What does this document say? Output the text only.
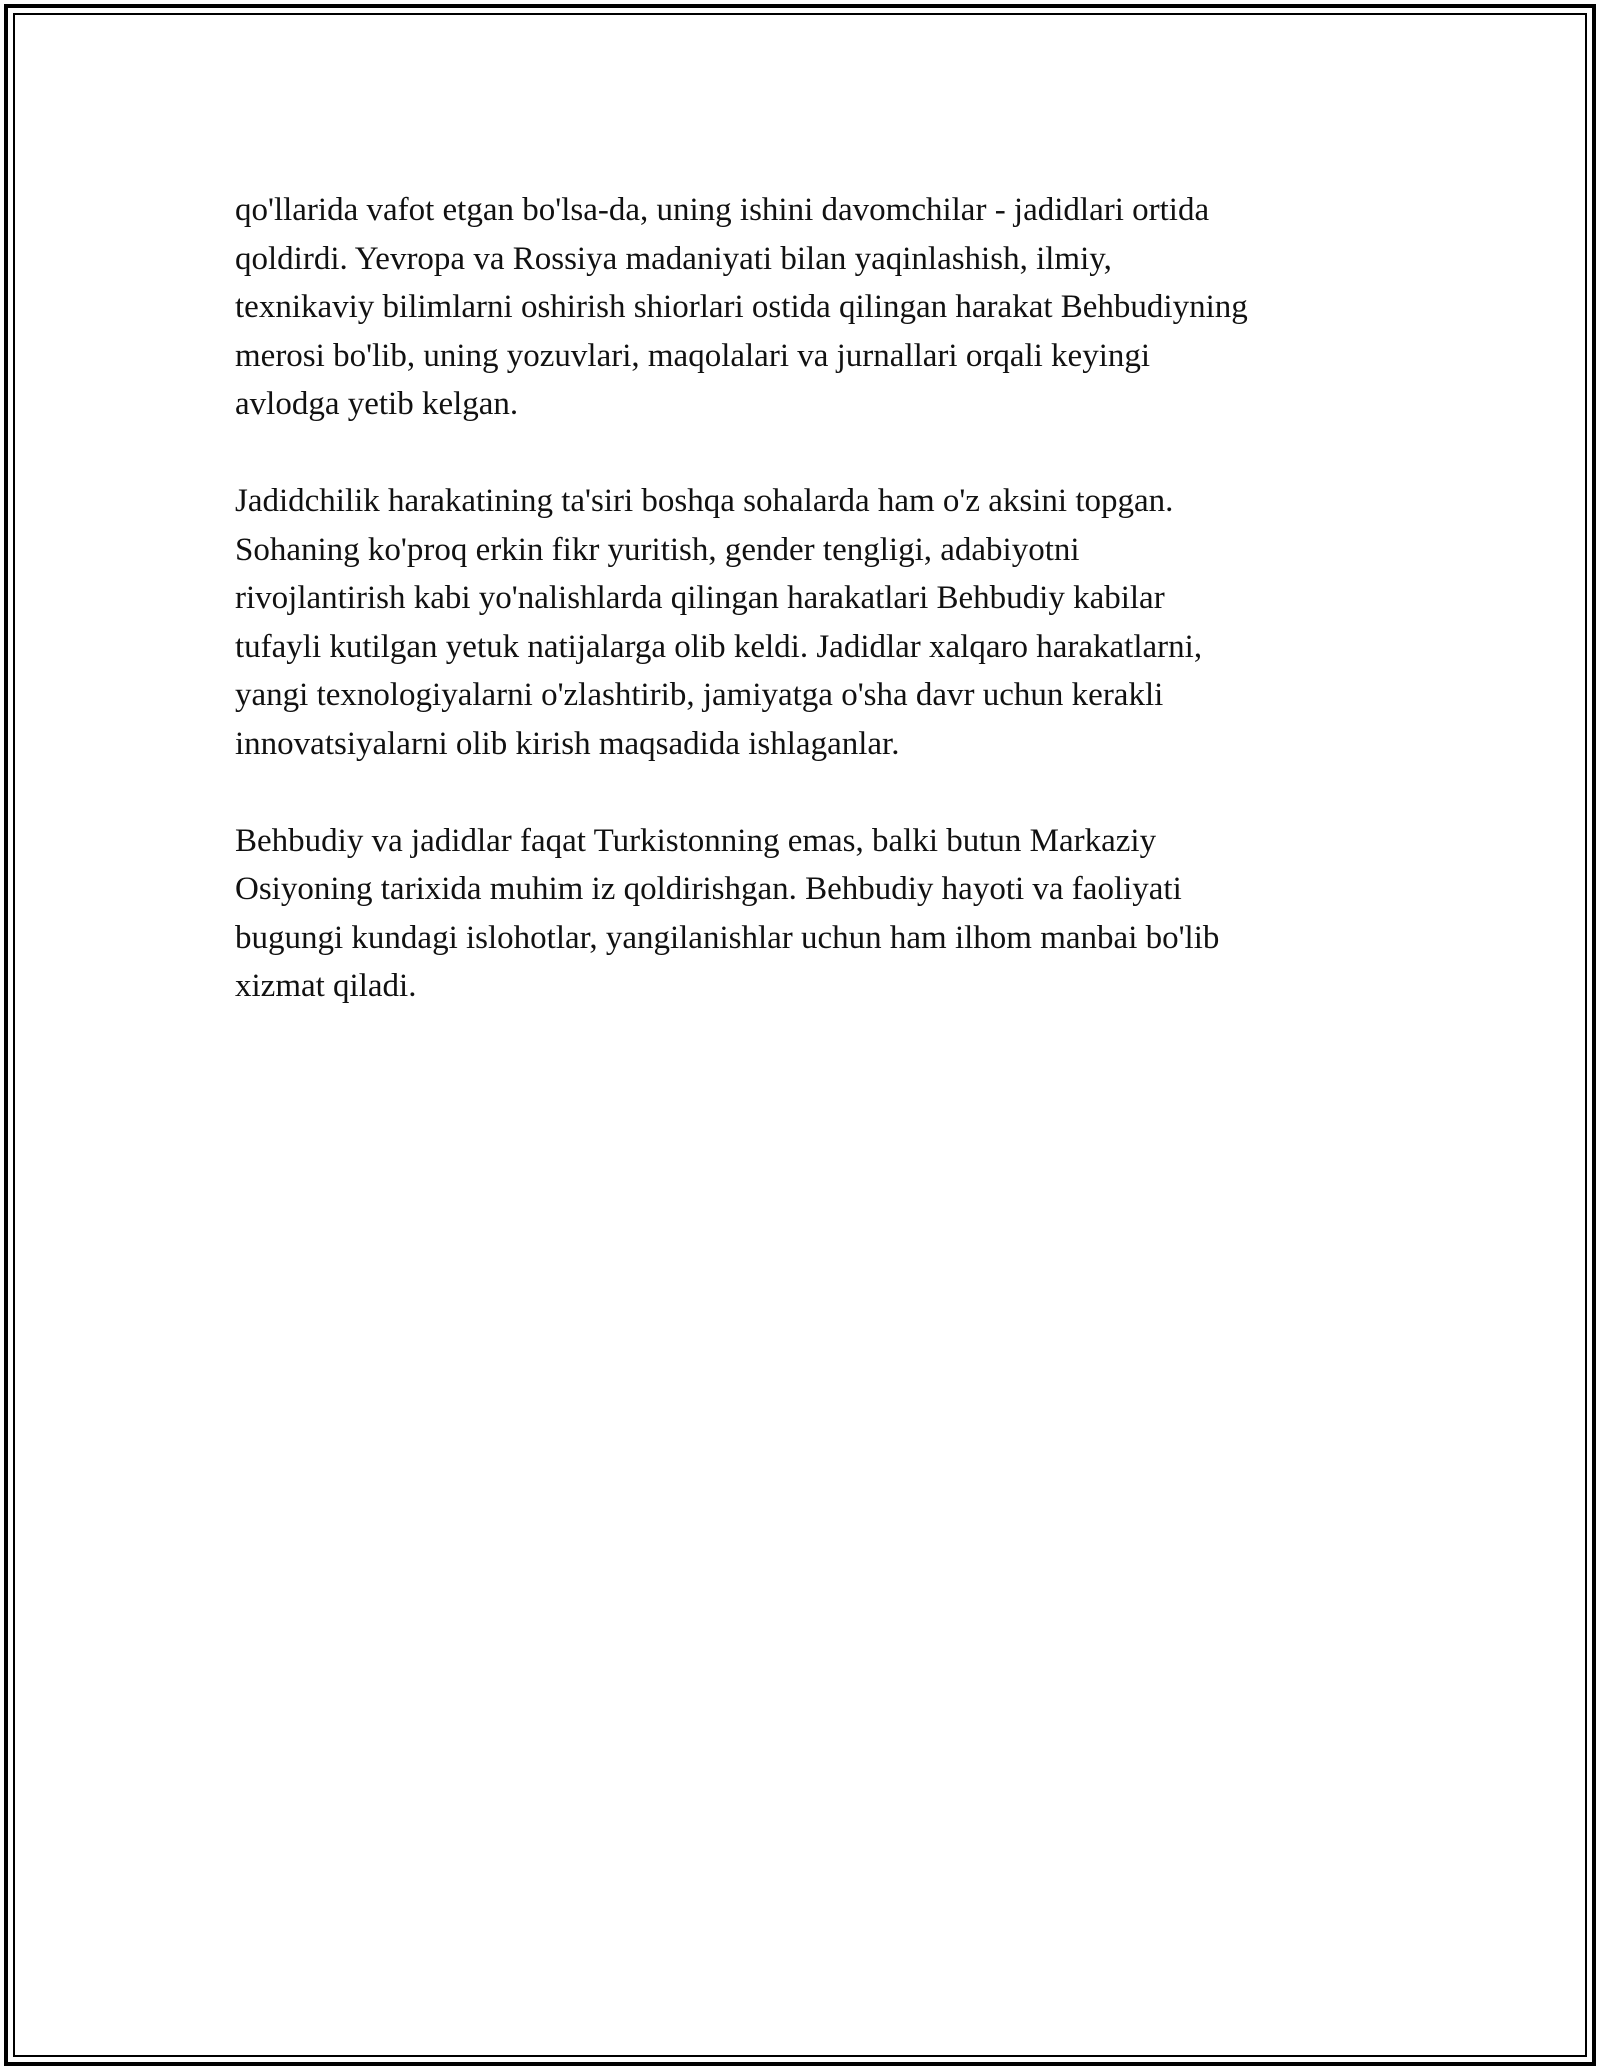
qo'llarida vafot etgan bo'lsa-da, uning ishini davomchilar - jadidlari ortida
qoldirdi. Yevropa va Rossiya madaniyati bilan yaqinlashish, ilmiy,
texnikaviy bilimlarni oshirish shiorlari ostida qilingan harakat Behbudiyning
merosi bo'lib, uning yozuvlari, maqolalari va jurnallari orqali keyingi
avlodga yetib kelgan.

Jadidchilik harakatining ta'siri boshqa sohalarda ham o'z aksini topgan.
Sohaning ko'proq erkin fikr yuritish, gender tengligi, adabiyotni
rivojlantirish kabi yo'nalishlarda qilingan harakatlari Behbudiy kabilar
tufayli kutilgan yetuk natijalarga olib keldi. Jadidlar xalqaro harakatlarni,
yangi texnologiyalarni o'zlashtirib, jamiyatga o'sha davr uchun kerakli
innovatsiyalarni olib kirish maqsadida ishlaganlar.

Behbudiy va jadidlar faqat Turkistonning emas, balki butun Markaziy
Osiyoning tarixida muhim iz qoldirishgan. Behbudiy hayoti va faoliyati
bugungi kundagi islohotlar, yangilanishlar uchun ham ilhom manbai bo'lib
xizmat qiladi.
